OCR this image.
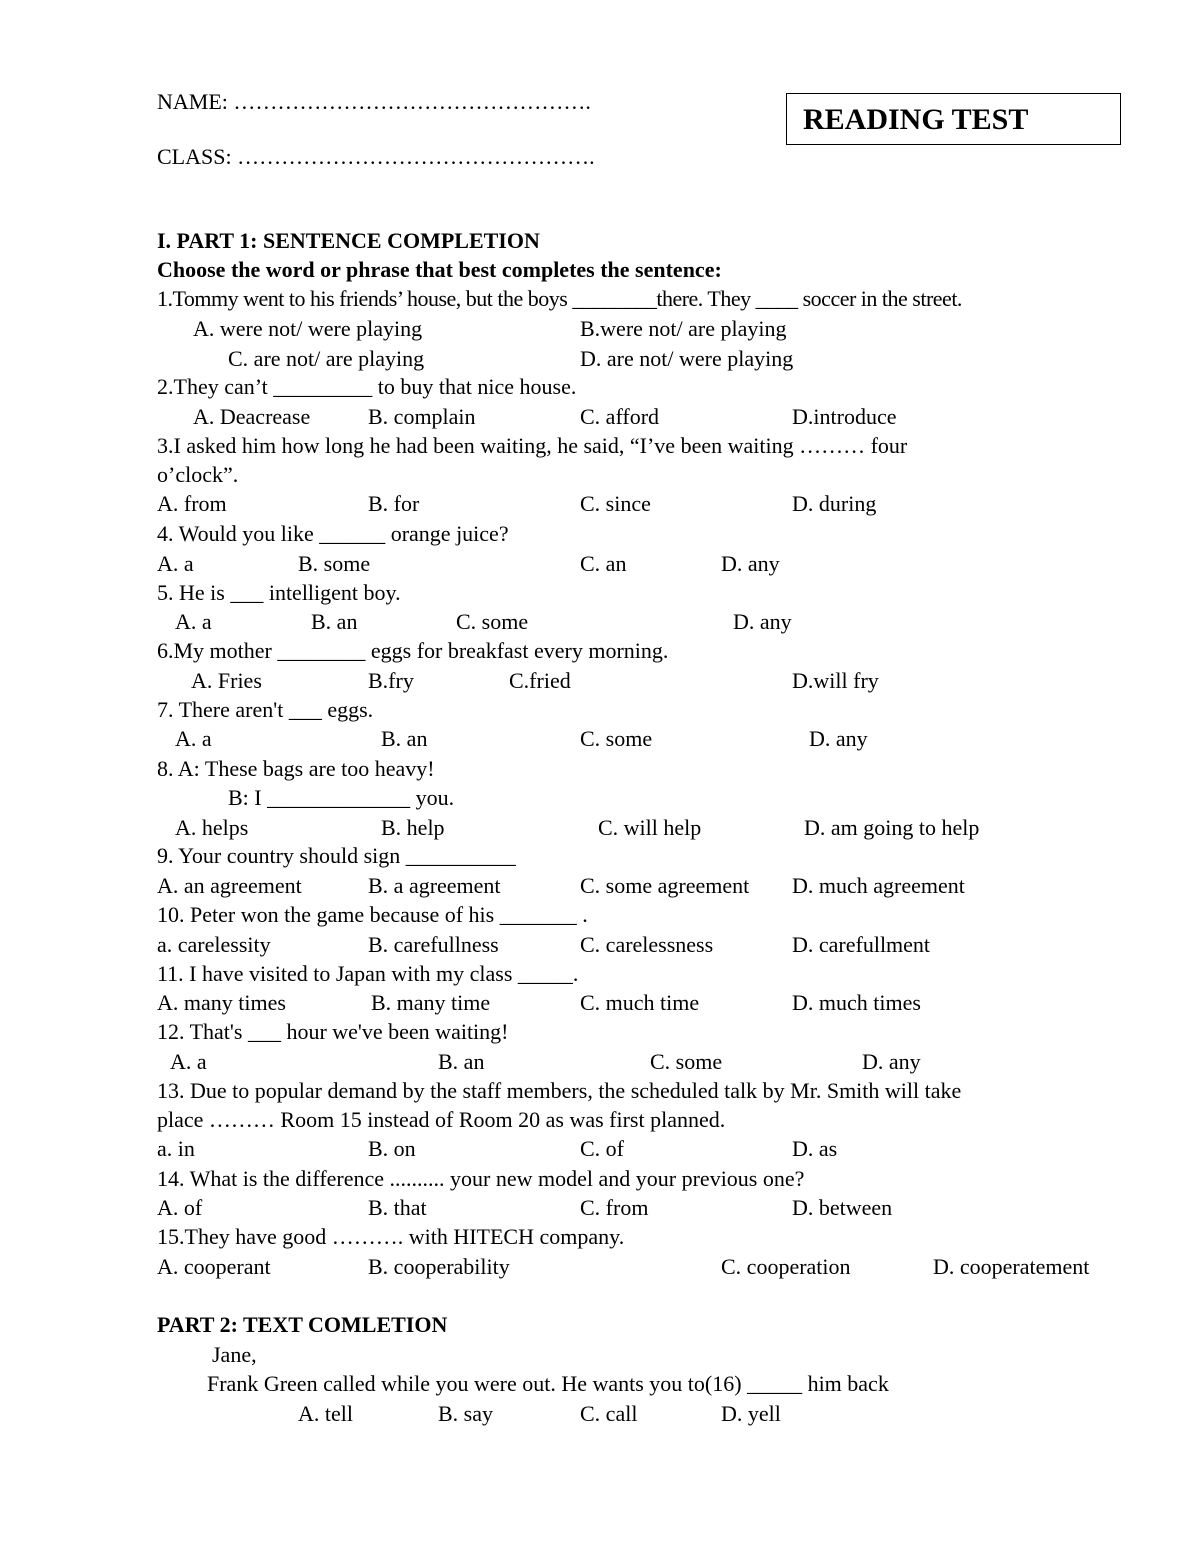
NAME: ………………………………………….
CLASS: ………………………………………….
READING TEST
I. PART 1: SENTENCE COMPLETION
Choose the word or phrase that best completes the sentence:
1.Tommy went to his friends’ house, but the boys ________there. They ____ soccer in the street.
A. were not/ were playing	B.were not/ are playing
C. are not/ are playing	D. are not/ were playing
2.They can’t _________ to buy that nice house.
A. Deacrease	B. complain	C. afford	D.introduce
3.I asked him how long he had been waiting, he said, “I’ve been waiting ……… four
o’clock”.
A. from	B. for	C. since	D. during
4. Would you like ______ orange juice?
A. a	B. some	C. an	D. any
5. He is ___ intelligent boy.
A. a	B. an	C. some	D. any
6.My mother ________ eggs for breakfast every morning.
A. Fries	B.fry	C.fried	D.will fry
7. There aren't ___ eggs.
A. a	B. an	C. some	D. any
8. A: These bags are too heavy!
B: I _____________ you.
A. helps	B. help	C. will help	D. am going to help
9. Your country should sign __________
A. an agreement	B. a agreement	C. some agreement D. much agreement
10. Peter won the game because of his _______ .
a. carelessity	B. carefullness	C. carelessness	D. carefullment
11. I have visited to Japan with my class _____.
A. many times	B. many time	C. much time	D. much times
12. That's ___ hour we've been waiting!
A. a	B. an	C. some	D. any
13. Due to popular demand by the staff members, the scheduled talk by Mr. Smith will take
place ……… Room 15 instead of Room 20 as was first planned.
a. in	B. on	C. of	D. as
14. What is the difference .......... your new model and your previous one?
A. of	B. that	C. from	D. between
15.They have good ………. with HITECH company.
A. cooperant	B. cooperability	C. cooperation	D. cooperatement
PART 2: TEXT COMLETION
Jane,
Frank Green called while you were out. He wants you to(16) _____ him back
A. tell	B. say	C. call	D. yell
